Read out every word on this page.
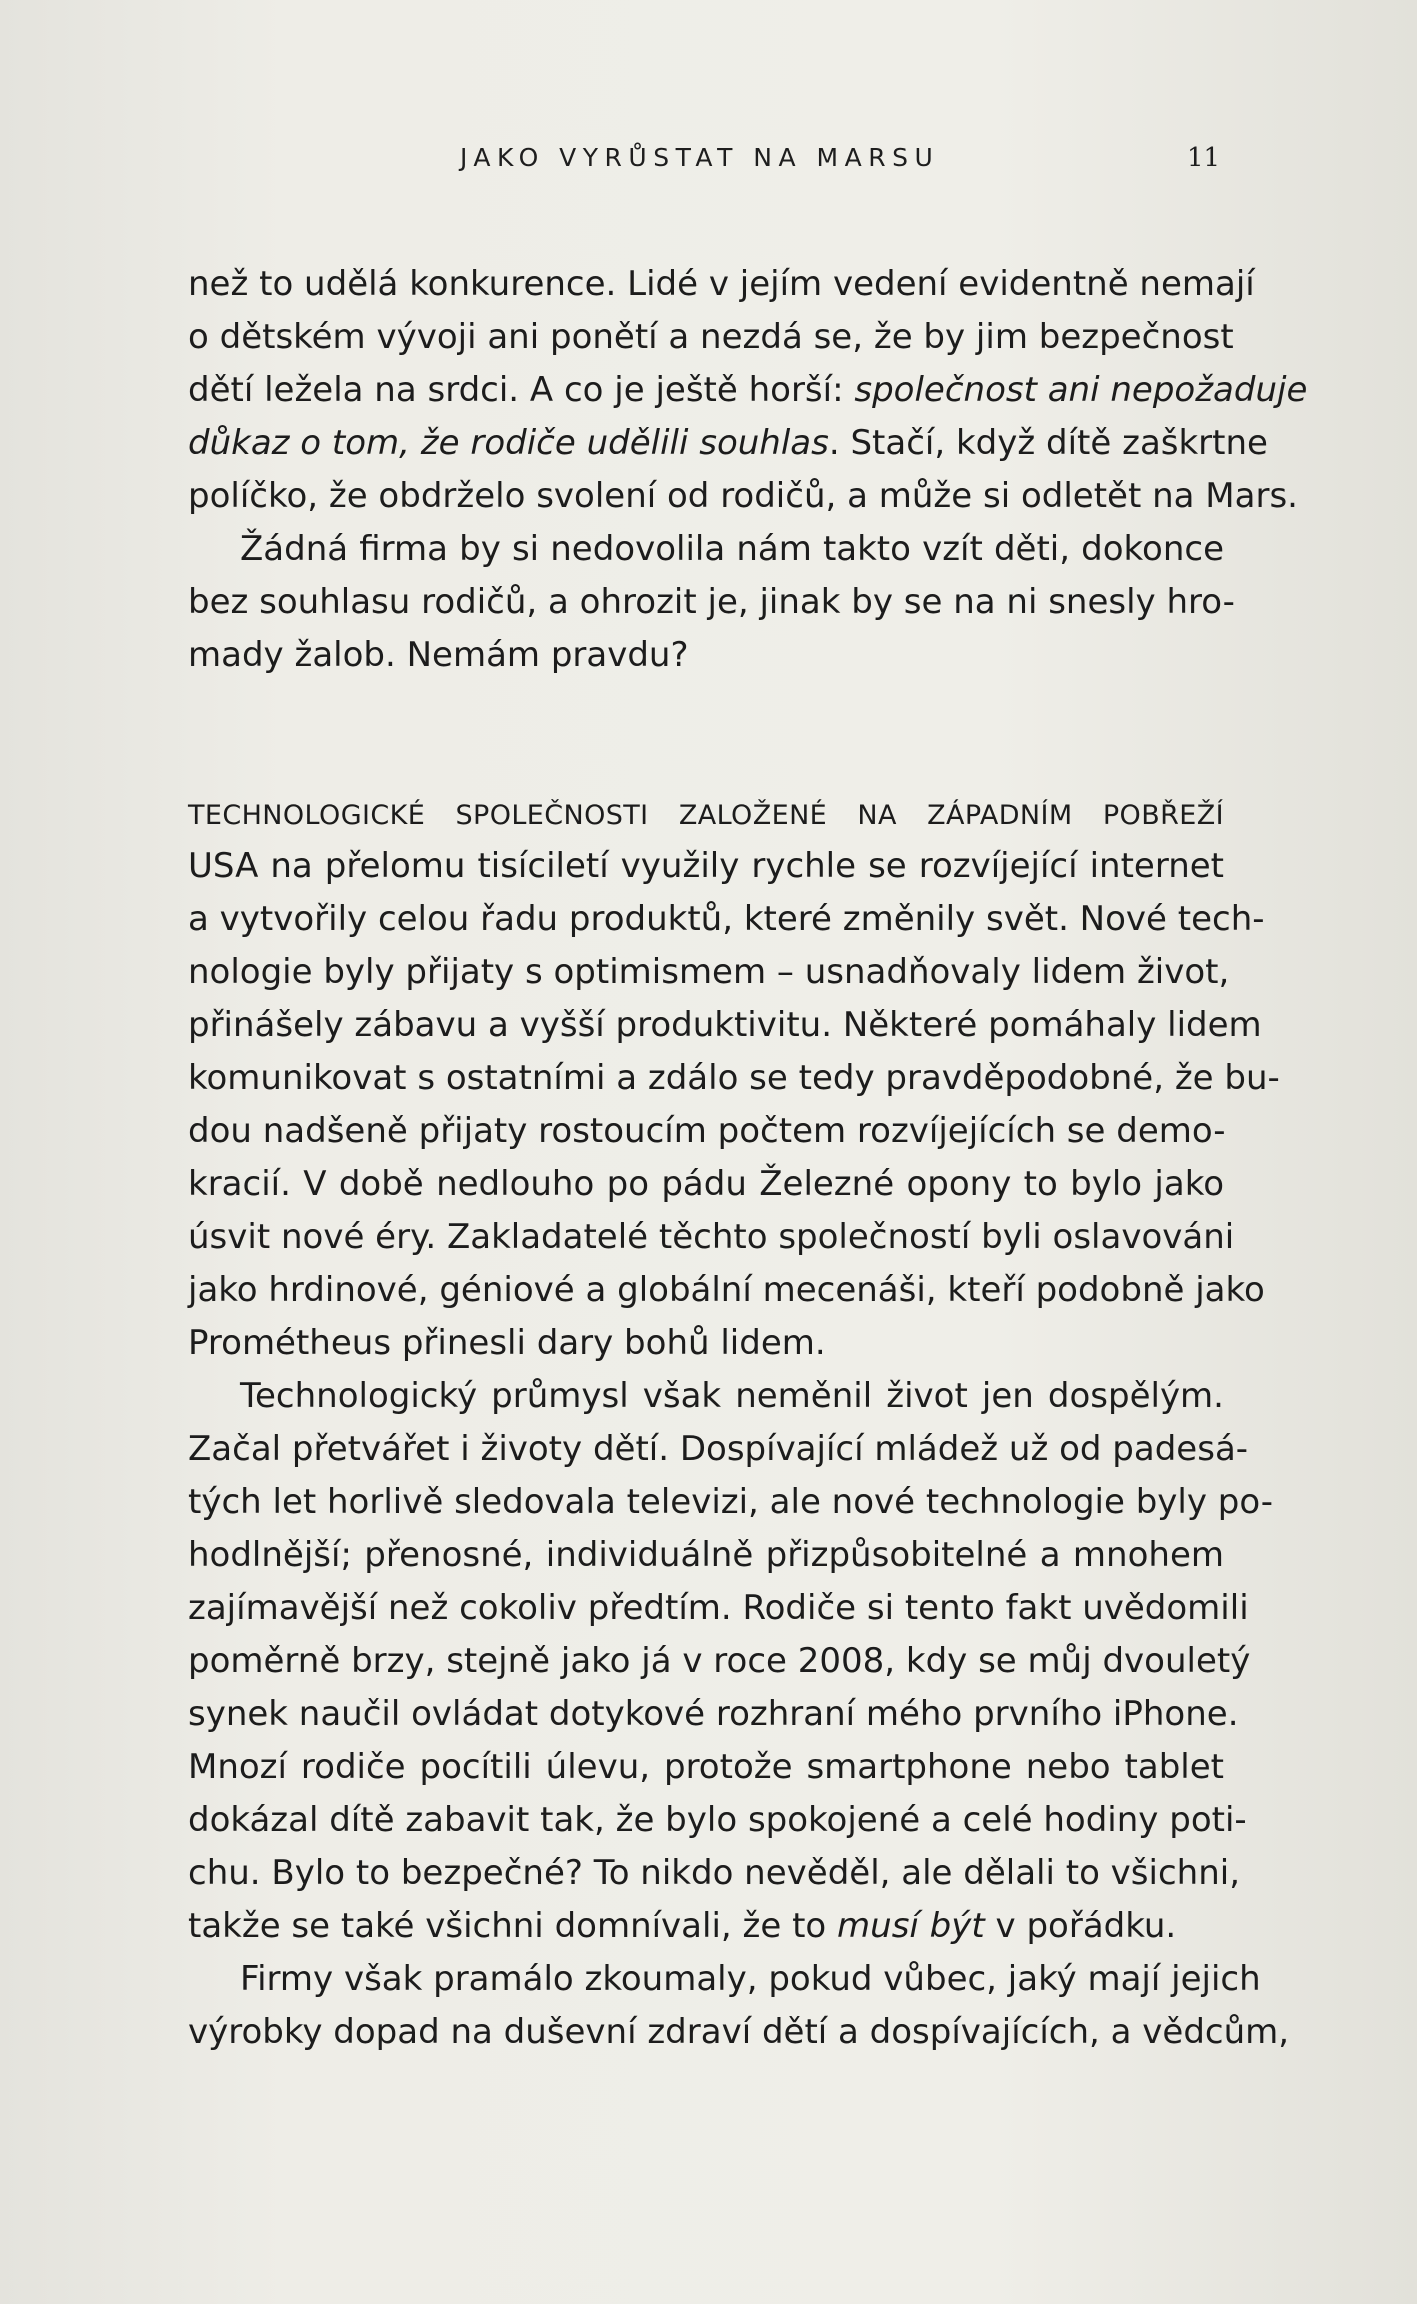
JAKO VYRŮSTAT NA MARSU	11
než to udělá konkurence. Lidé v jejím vedení evidentně nemají
o dětském vývoji ani ponětí a nezdá se, že by jim bezpečnost
dětí ležela na srdci. A co je ještě horší: společnost ani nepožaduje
důkaz o tom, že rodiče udělili souhlas. Stačí, když dítě zaškrtne
políčko, že obdrželo svolení od rodičů, a může si odletět na Mars.
Žádná firma by si nedovolila nám takto vzít děti, dokonce
bez souhlasu rodičů, a ohrozit je, jinak by se na ni snesly hro-
mady žalob. Nemám pravdu?
TECHNOLOGICKÉ SPOLEČNOSTI ZALOŽENÉ NA ZÁPADNÍM POBŘEŽÍ
USA na přelomu tisíciletí využily rychle se rozvíjející internet
a vytvořily celou řadu produktů, které změnily svět. Nové tech-
nologie byly přijaty s optimismem – usnadňovaly lidem život,
přinášely zábavu a vyšší produktivitu. Některé pomáhaly lidem
komunikovat s ostatními a zdálo se tedy pravděpodobné, že bu-
dou nadšeně přijaty rostoucím počtem rozvíjejících se demo-
kracií. V době nedlouho po pádu Železné opony to bylo jako
úsvit nové éry. Zakladatelé těchto společností byli oslavováni
jako hrdinové, géniové a globální mecenáši, kteří podobně jako
Prométheus přinesli dary bohů lidem.
Technologický průmysl však neměnil život jen dospělým.
Začal přetvářet i životy dětí. Dospívající mládež už od padesá-
tých let horlivě sledovala televizi, ale nové technologie byly po-
hodlnější; přenosné, individuálně přizpůsobitelné a mnohem
zajímavější než cokoliv předtím. Rodiče si tento fakt uvědomili
poměrně brzy, stejně jako já v roce 2008, kdy se můj dvouletý
synek naučil ovládat dotykové rozhraní mého prvního iPhone.
Mnozí rodiče pocítili úlevu, protože smartphone nebo tablet
dokázal dítě zabavit tak, že bylo spokojené a celé hodiny poti-
chu. Bylo to bezpečné? To nikdo nevěděl, ale dělali to všichni,
takže se také všichni domnívali, že to musí být v pořádku.
Firmy však pramálo zkoumaly, pokud vůbec, jaký mají jejich
výrobky dopad na duševní zdraví dětí a dospívajících, a vědcům,
